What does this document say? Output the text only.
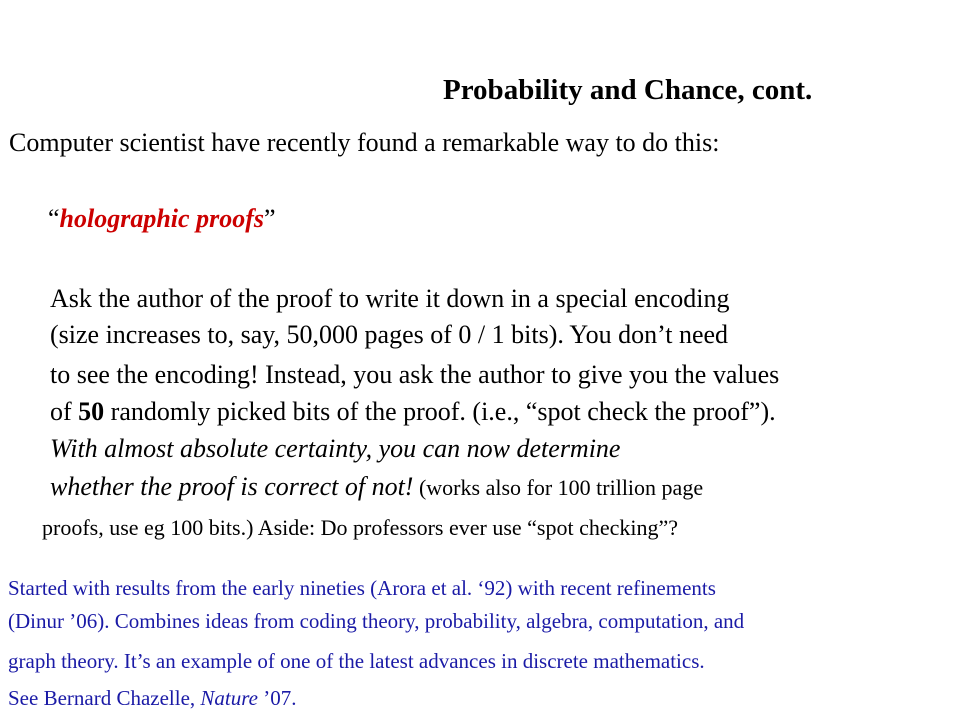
Probability and Chance, cont.
Computer scientist have recently found a remarkable way to do this:
“holographic proofs”
Ask the author of the proof to write it down in a special encoding
(size increases to, say, 50,000 pages of 0 / 1 bits). You don’t need
to see the encoding! Instead, you ask the author to give you the values
of 50 randomly picked bits of the proof. (i.e., “spot check the proof”).
With almost absolute certainty, you can now determine
whether the proof is correct of not! (works also for 100 trillion page
proofs, use eg 100 bits.) Aside: Do professors ever use “spot checking”?
Started with results from the early nineties (Arora et al. ‘92) with recent refinements
(Dinur ’06). Combines ideas from coding theory, probability, algebra, computation, and
graph theory. It’s an example of one of the latest advances in discrete mathematics.
See Bernard Chazelle, Nature ’07.
